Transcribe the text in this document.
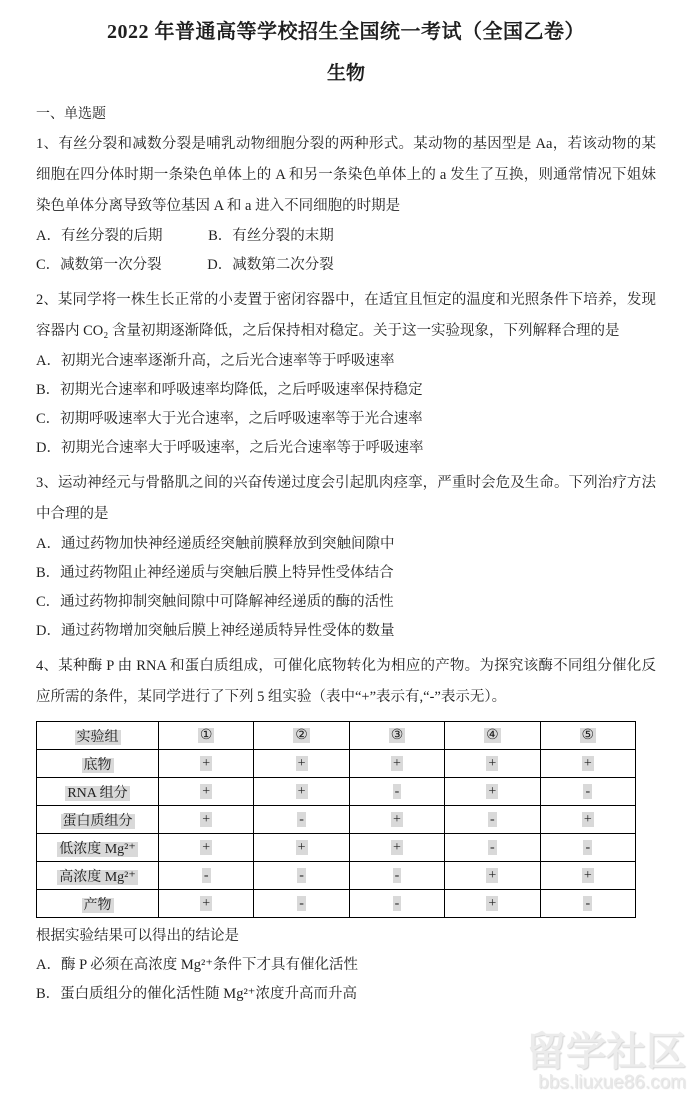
2022 年普通高等学校招生全国统一考试（全国乙卷）
生物
一、单选题

1、有丝分裂和减数分裂是哺乳动物细胞分裂的两种形式。某动物的基因型是 Aa，若该动物的某细胞在四分体时期一条染色单体上的 A 和另一条染色单体上的 a 发生了互换，则通常情况下姐妹染色单体分离导致等位基因 A 和 a 进入不同细胞的时期是

A．有丝分裂的后期	B．有丝分裂的末期
C．减数第一次分裂	D．减数第二次分裂

2、某同学将一株生长正常的小麦置于密闭容器中，在适宜且恒定的温度和光照条件下培养，发现容器内 CO₂ 含量初期逐渐降低，之后保持相对稳定。关于这一实验现象，下列解释合理的是

A．初期光合速率逐渐升高，之后光合速率等于呼吸速率
B．初期光合速率和呼吸速率均降低，之后呼吸速率保持稳定
C．初期呼吸速率大于光合速率，之后呼吸速率等于光合速率
D．初期光合速率大于呼吸速率，之后光合速率等于呼吸速率

3、运动神经元与骨骼肌之间的兴奋传递过度会引起肌肉痉挛，严重时会危及生命。下列治疗方法中合理的是

A．通过药物加快神经递质经突触前膜释放到突触间隙中
B．通过药物阻止神经递质与突触后膜上特异性受体结合
C．通过药物抑制突触间隙中可降解神经递质的酶的活性
D．通过药物增加突触后膜上神经递质特异性受体的数量

4、某种酶 P 由 RNA 和蛋白质组成，可催化底物转化为相应的产物。为探究该酶不同组分催化反应所需的条件，某同学进行了下列 5 组实验（表中“+”表示有,“-”表示无）。

实验组	①	②	③	④	⑤
底物	+	+	+	+	+
RNA 组分	+	+	-	+	-
蛋白质组分	+	-	+	-	+
低浓度 Mg²⁺	+	+	+	-	-
高浓度 Mg²⁺	-	-	-	+	+
产物	+	-	-	+	-

根据实验结果可以得出的结论是

A．酶 P 必须在高浓度 Mg²⁺条件下才具有催化活性
B．蛋白质组分的催化活性随 Mg²⁺浓度升高而升高
留学社区
bbs.liuxue86.com
